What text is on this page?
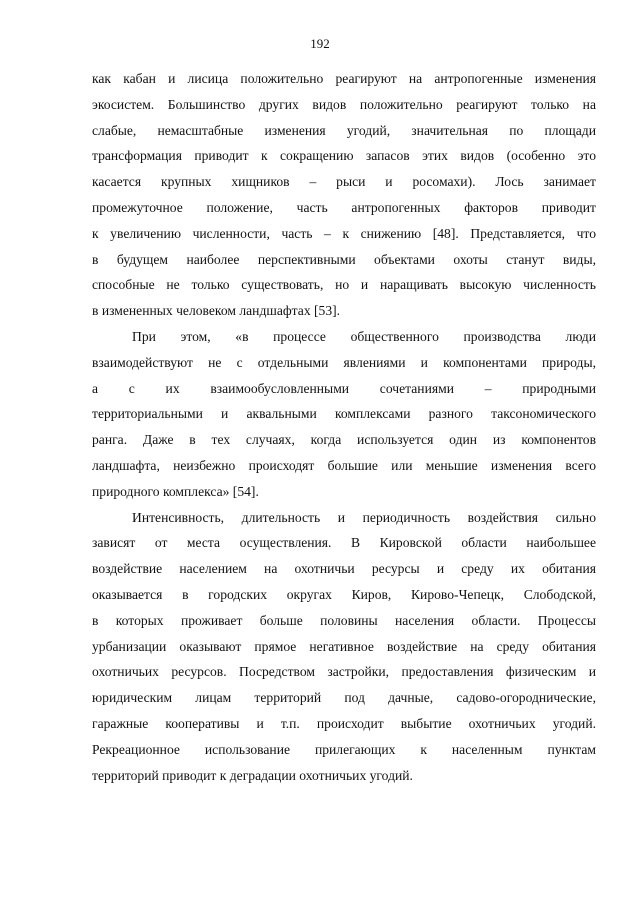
192

как кабан и лисица положительно реагируют на антропогенные изменения
экосистем. Большинство других видов положительно реагируют только на
слабые, немасштабные изменения угодий, значительная по площади
трансформация приводит к сокращению запасов этих видов (особенно это
касается крупных хищников – рыси и росомахи). Лось занимает
промежуточное положение, часть антропогенных факторов приводит
к увеличению численности, часть – к снижению [48]. Представляется, что
в будущем наиболее перспективными объектами охоты станут виды,
способные не только существовать, но и наращивать высокую численность
в измененных человеком ландшафтах [53].

При этом, «в процессе общественного производства люди
взаимодействуют не с отдельными явлениями и компонентами природы,
а с их взаимообусловленными сочетаниями – природными
территориальными и аквальными комплексами разного таксономического
ранга. Даже в тех случаях, когда используется один из компонентов
ландшафта, неизбежно происходят большие или меньшие изменения всего
природного комплекса» [54].

Интенсивность, длительность и периодичность воздействия сильно
зависят от места осуществления. В Кировской области наибольшее
воздействие населением на охотничьи ресурсы и среду их обитания
оказывается в городских округах Киров, Кирово-Чепецк, Слободской,
в которых проживает больше половины населения области. Процессы
урбанизации оказывают прямое негативное воздействие на среду обитания
охотничьих ресурсов. Посредством застройки, предоставления физическим и
юридическим лицам территорий под дачные, садово-огороднические,
гаражные кооперативы и т.п. происходит выбытие охотничьих угодий.
Рекреационное использование прилегающих к населенным пунктам
территорий приводит к деградации охотничьих угодий.
